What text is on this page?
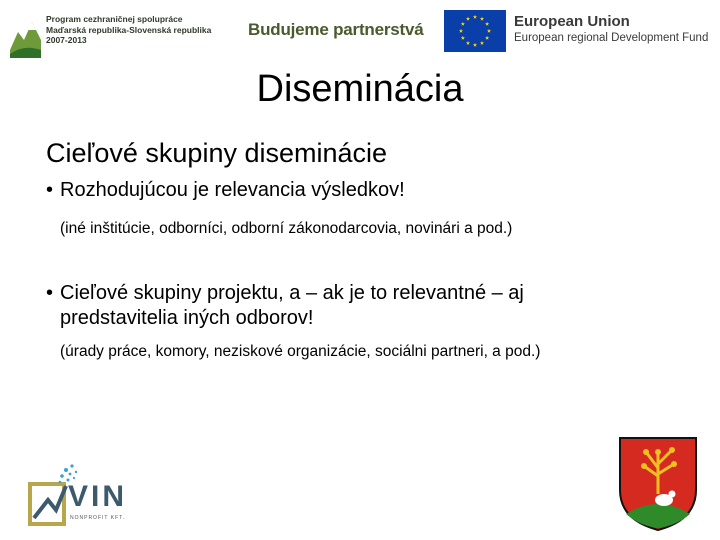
Program cezhraničnej spolupráce
Maďarská republika-Slovenská republika
2007-2013
Budujeme partnerstvá	European Union
European regional Development Fund
Diseminácia
Cieľové skupiny diseminácie
• Rozhodujúcou je relevancia výsledkov!
(iné inštitúcie, odborníci, odborní zákonodarcovia, novinári a pod.)
• Cieľové skupiny projektu, a – ak je to relevantné – aj
predstavitelia iných odborov!
(úrady práce, komory, neziskové organizácie, sociálni partneri, a pod.)
VIN
NONPROFIT KFT.
